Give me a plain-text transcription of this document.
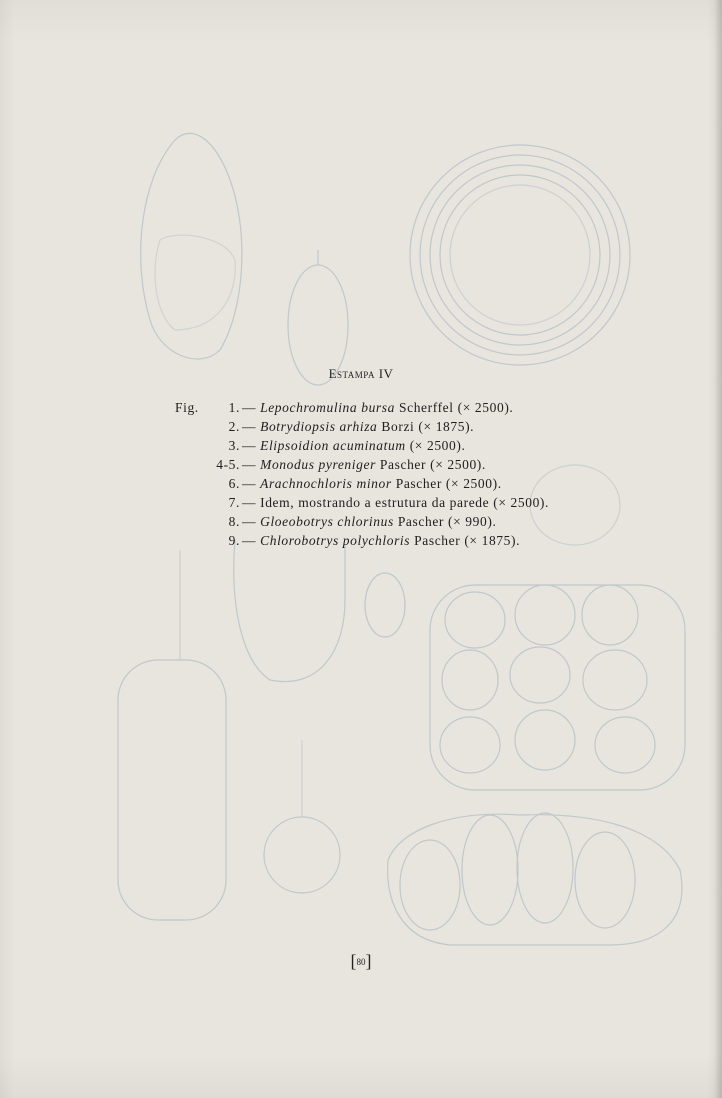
Estampa IV
Fig.	1. — Lepochromulina bursa Scherffel (× 2500).
2. — Botrydiopsis arhiza Borzi (× 1875).
3. — Elipsoidion acuminatum (× 2500).
4-5. — Monodus pyreniger Pascher (× 2500).
6. — Arachnochloris minor Pascher (× 2500).
7. — Idem, mostrando a estrutura da parede (× 2500).
8. — Gloeobotrys chlorinus Pascher (× 990).
9. — Chlorobotrys polychloris Pascher (× 1875).
[80]
